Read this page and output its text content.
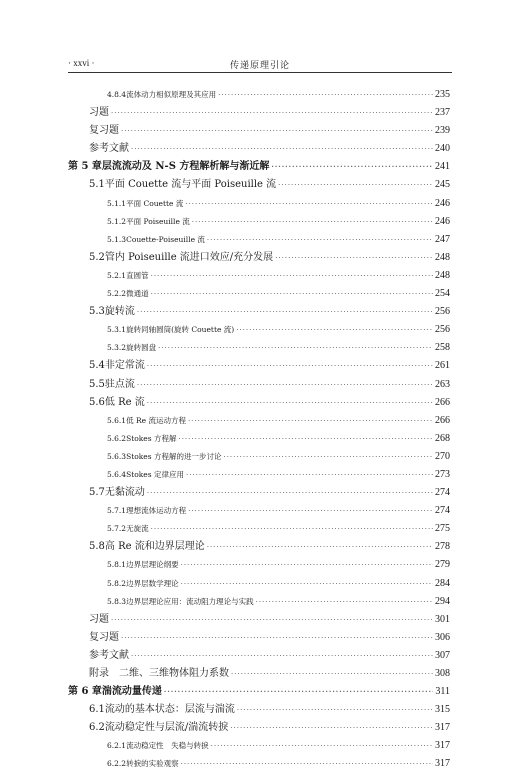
· xxvi ·	传递原理引论
4.8.4 流体动力相似原理及其应用 ·····	235
习题 ·····	237
复习题 ·····	239
参考文献 ·····	240
第 5 章 层流流动及 N-S 方程解析解与渐近解 ·····	241
5.1 平面 Couette 流与平面 Poiseuille 流 ·····	245
5.1.1 平面 Couette 流 ·····	246
5.1.2 平面 Poiseuille 流 ·····	246
5.1.3 Couette-Poiseuille 流 ·····	247
5.2 管内 Poiseuille 流进口效应/充分发展 ·····	248
5.2.1 直圆管 ·····	248
5.2.2 微通道 ·····	254
5.3 旋转流 ·····	256
5.3.1 旋转同轴圆筒(旋转 Couette 流) ·····	256
5.3.2 旋转圆盘 ·····	258
5.4 非定常流 ·····	261
5.5 驻点流 ·····	263
5.6 低 Re 流 ·····	266
5.6.1 低 Re 流运动方程 ·····	266
5.6.2 Stokes 方程解 ·····	268
5.6.3 Stokes 方程解的进一步讨论 ·····	270
5.6.4 Stokes 定律应用 ·····	273
5.7 无黏流动 ·····	274
5.7.1 理想流体运动方程 ·····	274
5.7.2 无旋流 ·····	275
5.8 高 Re 流和边界层理论 ·····	278
5.8.1 边界层理论纲要 ·····	279
5.8.2 边界层数学理论 ·····	284
5.8.3 边界层理论应用：流动阻力理论与实践 ·····	294
习题 ·····	301
复习题 ·····	306
参考文献 ·····	307
附录　二维、三维物体阻力系数 ·····	308
第 6 章 湍流动量传递 ·····	311
6.1 流动的基本状态：层流与湍流 ·····	315
6.2 流动稳定性与层流/湍流转捩 ·····	317
6.2.1 流动稳定性　失稳与转捩 ·····	317
6.2.2 转捩的实验观察 ·····	317
